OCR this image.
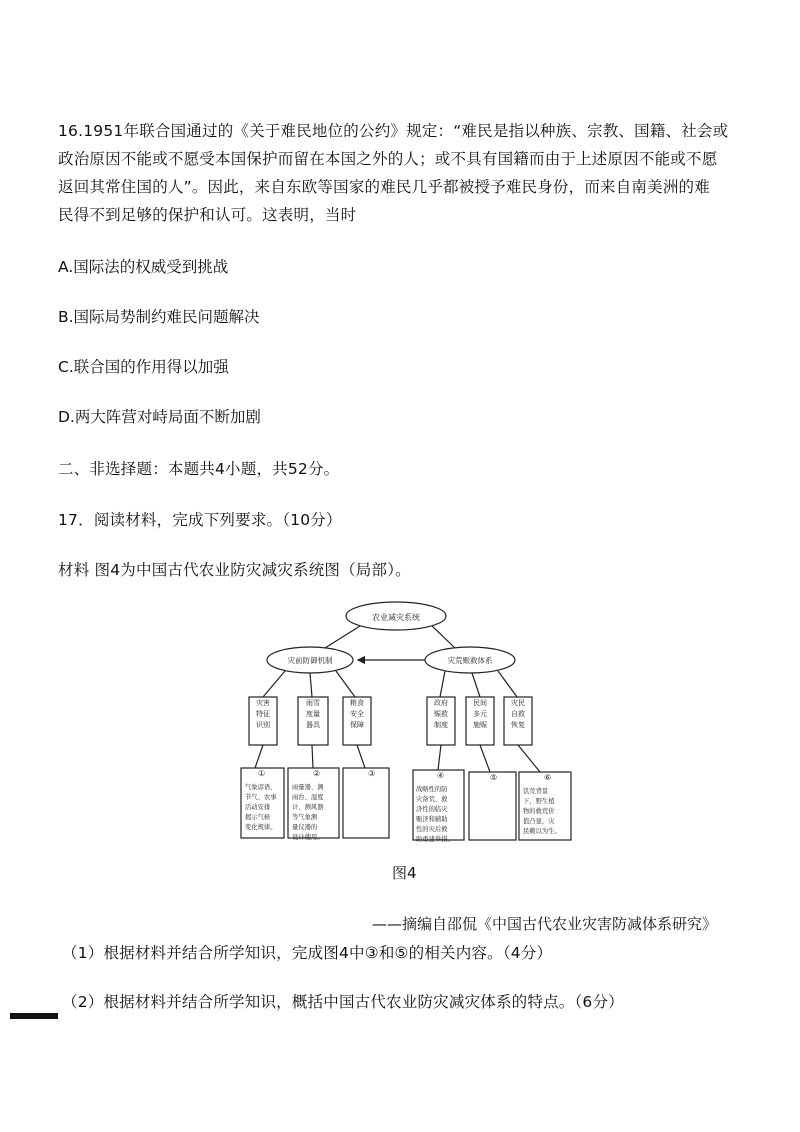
16.1951年联合国通过的《关于难民地位的公约》规定：“难民是指以种族、宗教、国籍、社会或
政治原因不能或不愿受本国保护而留在本国之外的人；或不具有国籍而由于上述原因不能或不愿
返回其常住国的人”。因此，来自东欧等国家的难民几乎都被授予难民身份，而来自南美洲的难
民得不到足够的保护和认可。这表明，当时
A.国际法的权威受到挑战
B.国际局势制约难民问题解决
C.联合国的作用得以加强
D.两大阵营对峙局面不断加剧
二、非选择题：本题共4小题，共52分。
17．阅读材料，完成下列要求。（10分）
材料 图4为中国古代农业防灾减灾系统图（局部）。
农业减灾系统
灾前防御机制	灾荒赈救体系
灾害
特征
识别
雨雪
度量
器具
粮食
安全
保障
政府
赈救
制度
民间
多元
施赈
灾民
自救
恢复
①
气象谚语、
节气、农事
活动安排
揭示气候
变化规律。
②
雨量器、测
雨台、湿度
计、测风器
等气象测
量仪器的
设计使用。
③	④
战略性的防
灾备荒、救
济性的临灾
赈济和辅助
性的灾后救
助重建举措。
⑤	⑥
饥荒背景
下，野生植
物的救荒价
值凸显，灾
民赖以为生。
图4
——摘编自邵侃《中国古代农业灾害防减体系研究》
（1）根据材料并结合所学知识，完成图4中③和⑤的相关内容。（4分）
（2）根据材料并结合所学知识，概括中国古代农业防灾减灾体系的特点。（6分）
